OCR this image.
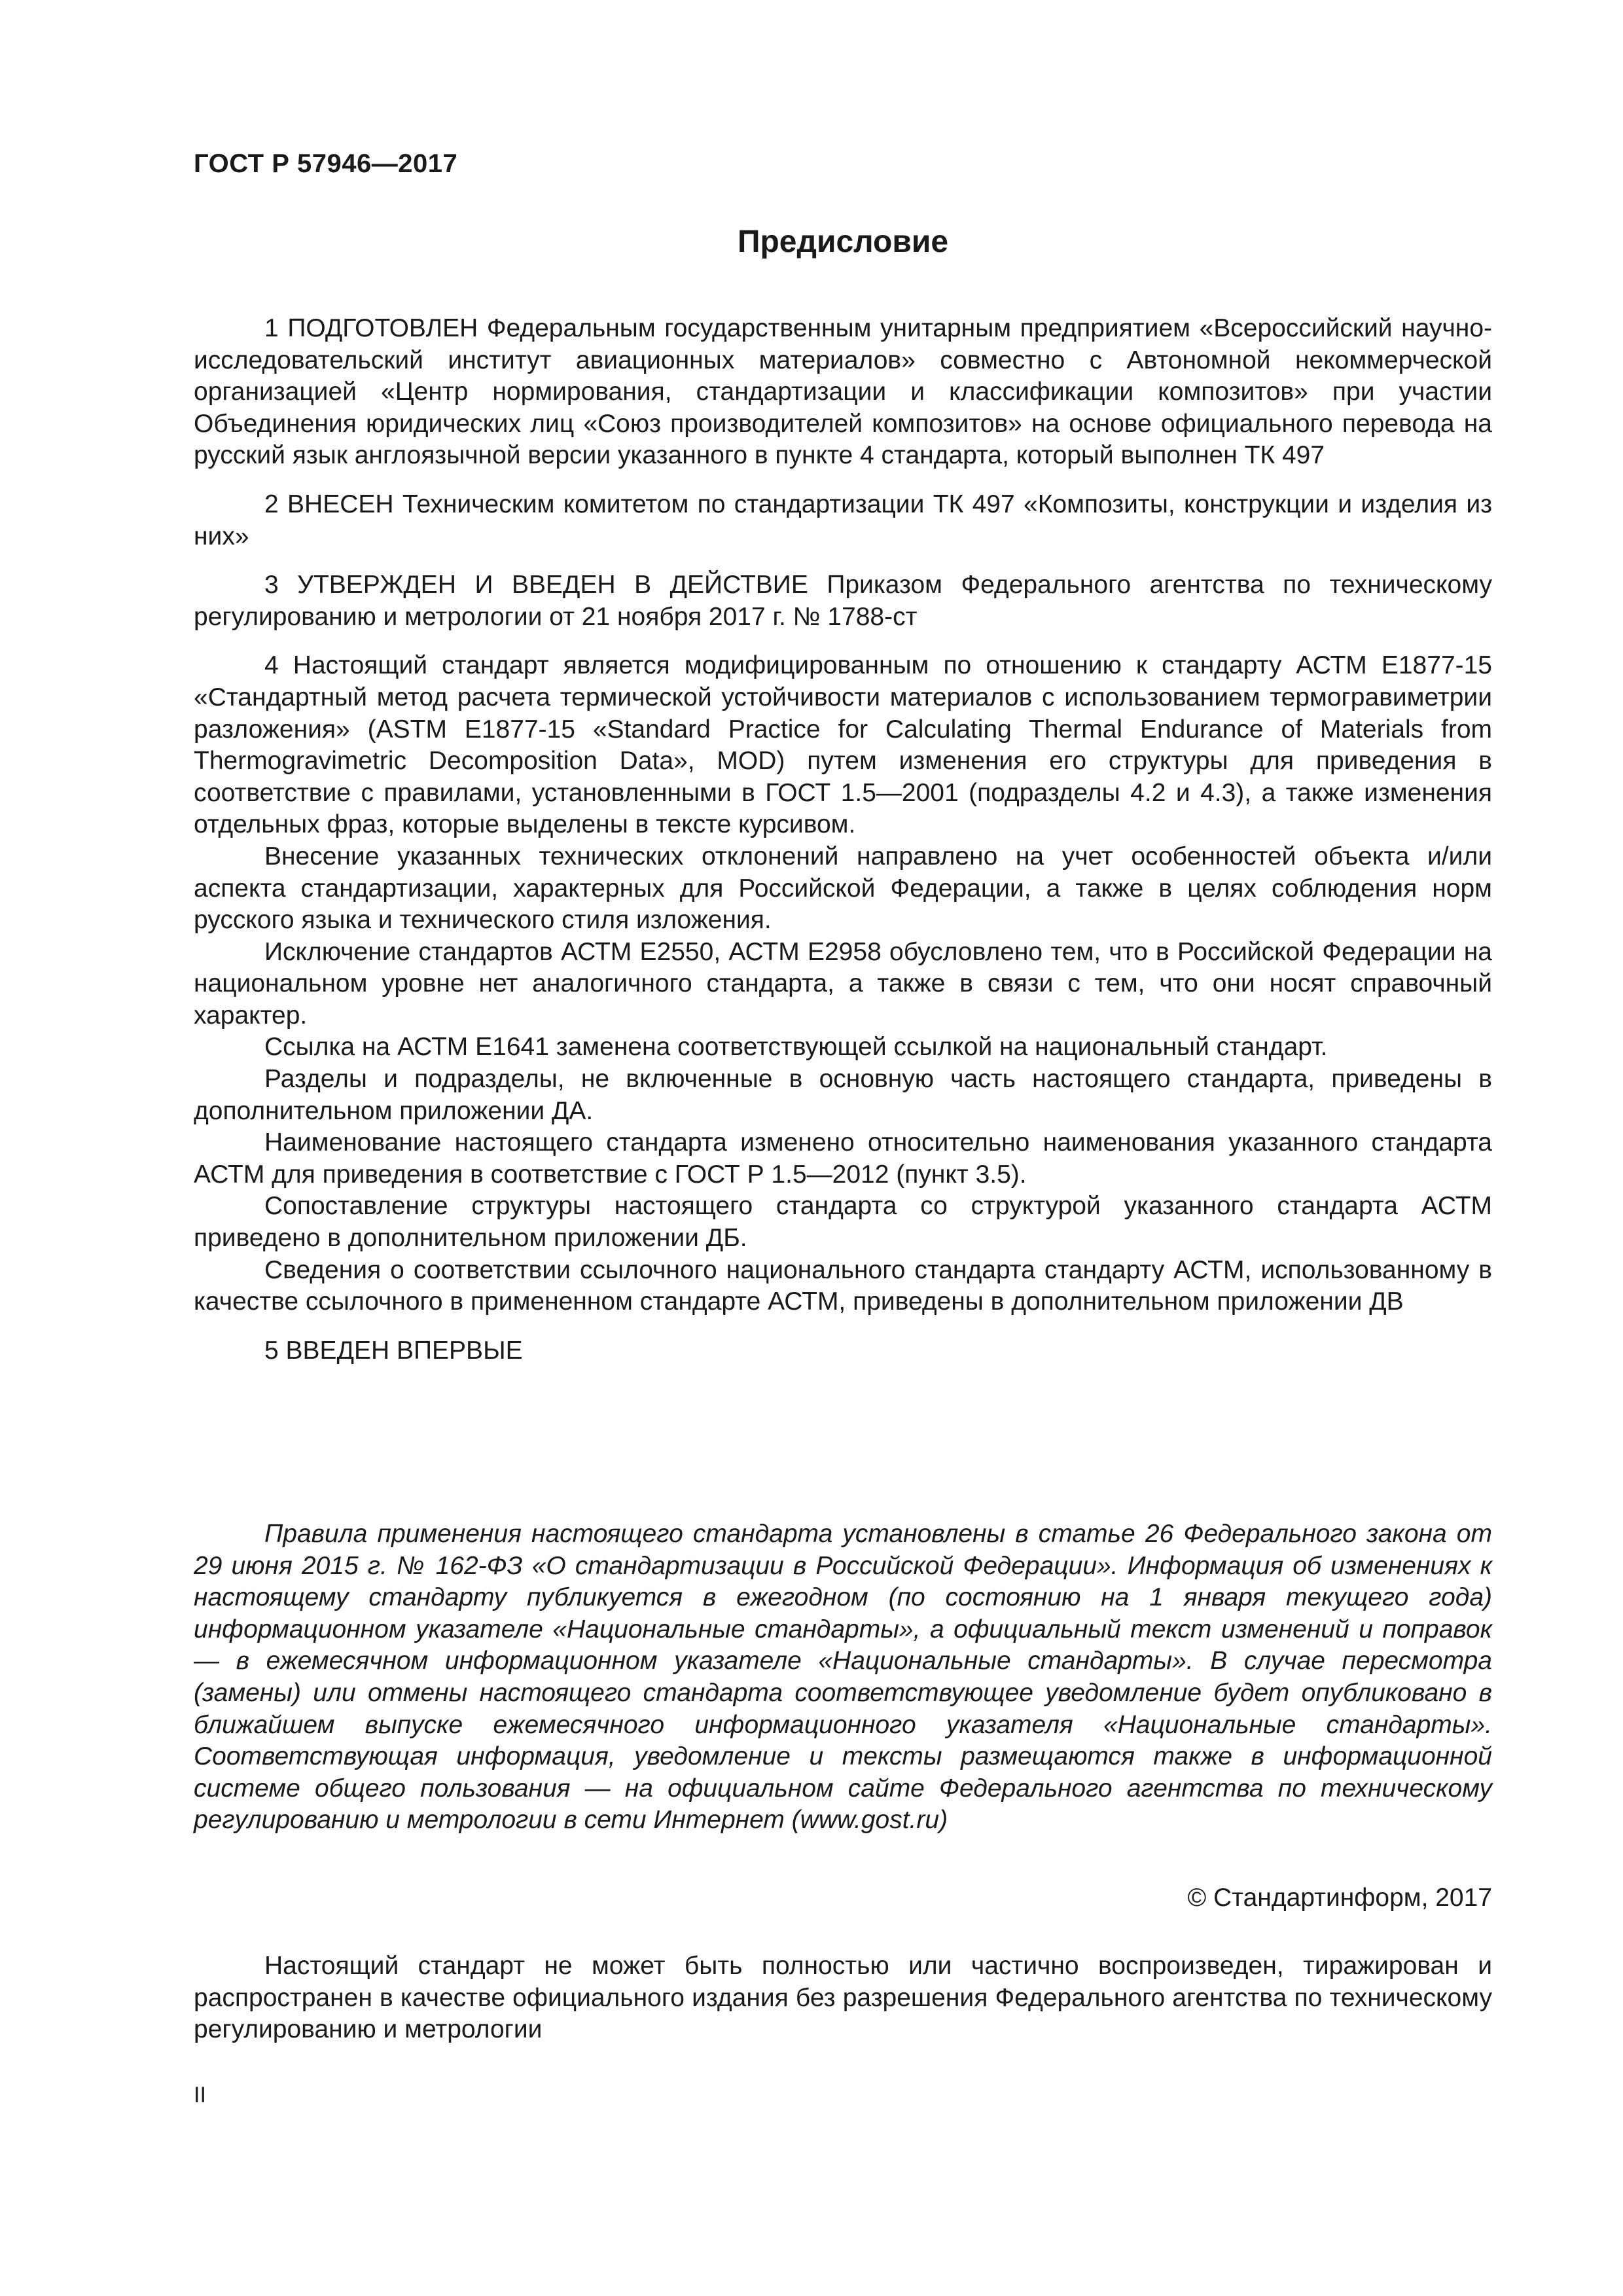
ГОСТ Р 57946—2017
Предисловие

1 ПОДГОТОВЛЕН Федеральным государственным унитарным предприятием «Всероссийский научно-исследовательский институт авиационных материалов» совместно с Автономной некоммерческой организацией «Центр нормирования, стандартизации и классификации композитов» при участии Объединения юридических лиц «Союз производителей композитов» на основе официального перевода на русский язык англоязычной версии указанного в пункте 4 стандарта, который выполнен ТК 497

2 ВНЕСЕН Техническим комитетом по стандартизации ТК 497 «Композиты, конструкции и изделия из них»

3 УТВЕРЖДЕН И ВВЕДЕН В ДЕЙСТВИЕ Приказом Федерального агентства по техническому регулированию и метрологии от 21 ноября 2017 г. № 1788-ст

4 Настоящий стандарт является модифицированным по отношению к стандарту АСТМ Е1877-15 «Стандартный метод расчета термической устойчивости материалов с использованием термогравиметрии разложения» (ASTM E1877-15 «Standard Practice for Calculating Thermal Endurance of Materials from Thermogravimetric Decomposition Data», MOD) путем изменения его структуры для приведения в соответствие с правилами, установленными в ГОСТ 1.5—2001 (подразделы 4.2 и 4.3), а также изменения отдельных фраз, которые выделены в тексте курсивом.

Внесение указанных технических отклонений направлено на учет особенностей объекта и/или аспекта стандартизации, характерных для Российской Федерации, а также в целях соблюдения норм русского языка и технического стиля изложения.

Исключение стандартов АСТМ Е2550, АСТМ Е2958 обусловлено тем, что в Российской Федерации на национальном уровне нет аналогичного стандарта, а также в связи с тем, что они носят справочный характер.

Ссылка на АСТМ Е1641 заменена соответствующей ссылкой на национальный стандарт.

Разделы и подразделы, не включенные в основную часть настоящего стандарта, приведены в дополнительном приложении ДА.

Наименование настоящего стандарта изменено относительно наименования указанного стандарта АСТМ для приведения в соответствие с ГОСТ Р 1.5—2012 (пункт 3.5).

Сопоставление структуры настоящего стандарта со структурой указанного стандарта АСТМ приведено в дополнительном приложении ДБ.

Сведения о соответствии ссылочного национального стандарта стандарту АСТМ, использованному в качестве ссылочного в примененном стандарте АСТМ, приведены в дополнительном приложении ДВ

5 ВВЕДЕН ВПЕРВЫЕ

Правила применения настоящего стандарта установлены в статье 26 Федерального закона от 29 июня 2015 г. № 162-ФЗ «О стандартизации в Российской Федерации». Информация об изменениях к настоящему стандарту публикуется в ежегодном (по состоянию на 1 января текущего года) информационном указателе «Национальные стандарты», а официальный текст изменений и поправок — в ежемесячном информационном указателе «Национальные стандарты». В случае пересмотра (замены) или отмены настоящего стандарта соответствующее уведомление будет опубликовано в ближайшем выпуске ежемесячного информационного указателя «Национальные стандарты». Соответствующая информация, уведомление и тексты размещаются также в информационной системе общего пользования — на официальном сайте Федерального агентства по техническому регулированию и метрологии в сети Интернет (www.gost.ru)

© Стандартинформ, 2017

Настоящий стандарт не может быть полностью или частично воспроизведен, тиражирован и распространен в качестве официального издания без разрешения Федерального агентства по техническому регулированию и метрологии

II
